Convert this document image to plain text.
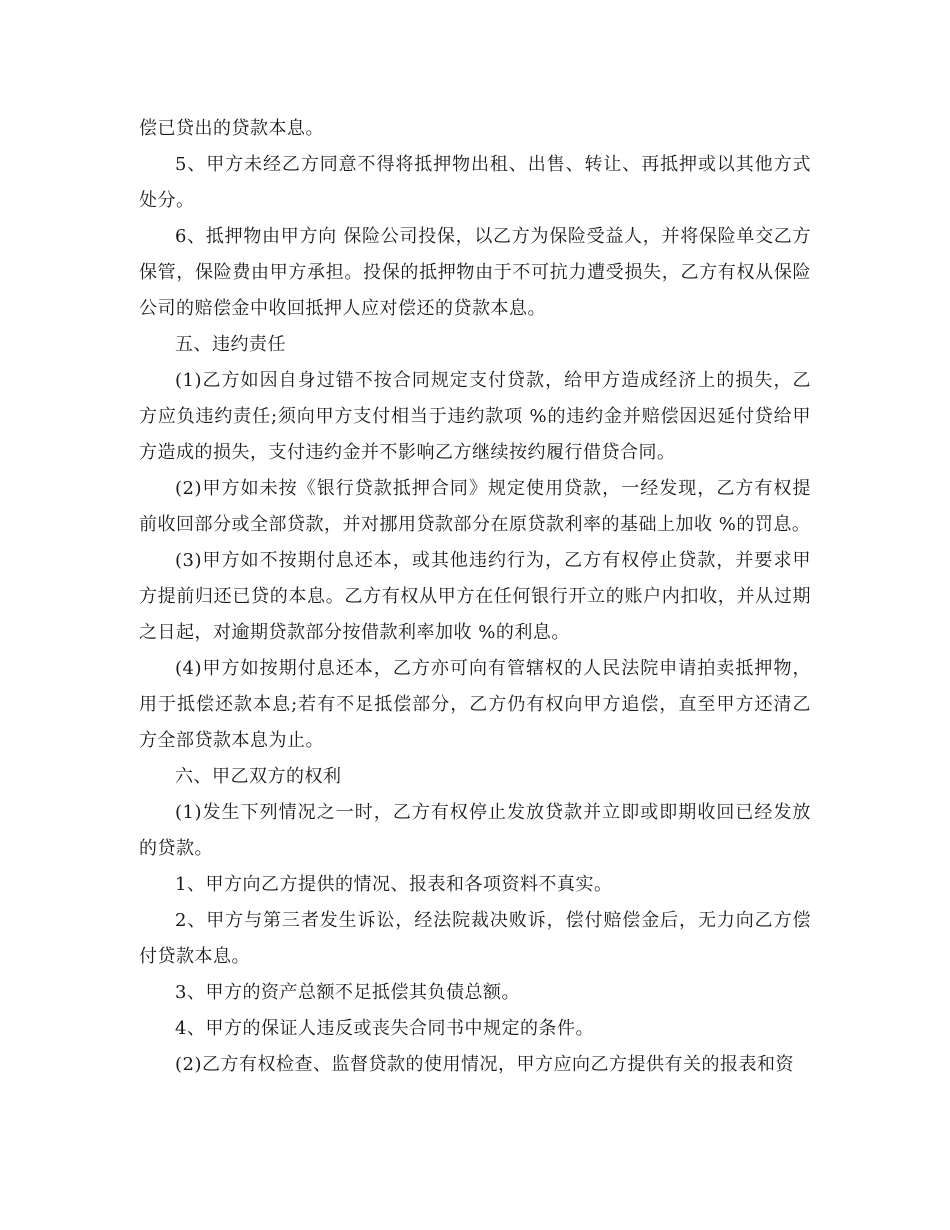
偿已贷出的贷款本息。

5、甲方未经乙方同意不得将抵押物出租、出售、转让、再抵押或以其他方式处分。

6、抵押物由甲方向 保险公司投保，以乙方为保险受益人，并将保险单交乙方保管，保险费由甲方承担。投保的抵押物由于不可抗力遭受损失，乙方有权从保险公司的赔偿金中收回抵押人应对偿还的贷款本息。

五、违约责任

(1)乙方如因自身过错不按合同规定支付贷款，给甲方造成经济上的损失，乙方应负违约责任;须向甲方支付相当于违约款项 %的违约金并赔偿因迟延付贷给甲方造成的损失，支付违约金并不影响乙方继续按约履行借贷合同。

(2)甲方如未按《银行贷款抵押合同》规定使用贷款，一经发现，乙方有权提前收回部分或全部贷款，并对挪用贷款部分在原贷款利率的基础上加收 %的罚息。

(3)甲方如不按期付息还本，或其他违约行为，乙方有权停止贷款，并要求甲方提前归还已贷的本息。乙方有权从甲方在任何银行开立的账户内扣收，并从过期之日起，对逾期贷款部分按借款利率加收 %的利息。

(4)甲方如按期付息还本，乙方亦可向有管辖权的人民法院申请拍卖抵押物，用于抵偿还款本息;若有不足抵偿部分，乙方仍有权向甲方追偿，直至甲方还清乙方全部贷款本息为止。

六、甲乙双方的权利

(1)发生下列情况之一时，乙方有权停止发放贷款并立即或即期收回已经发放的贷款。

1、甲方向乙方提供的情况、报表和各项资料不真实。

2、甲方与第三者发生诉讼，经法院裁决败诉，偿付赔偿金后，无力向乙方偿付贷款本息。

3、甲方的资产总额不足抵偿其负债总额。

4、甲方的保证人违反或丧失合同书中规定的条件。

(2)乙方有权检查、监督贷款的使用情况，甲方应向乙方提供有关的报表和资
